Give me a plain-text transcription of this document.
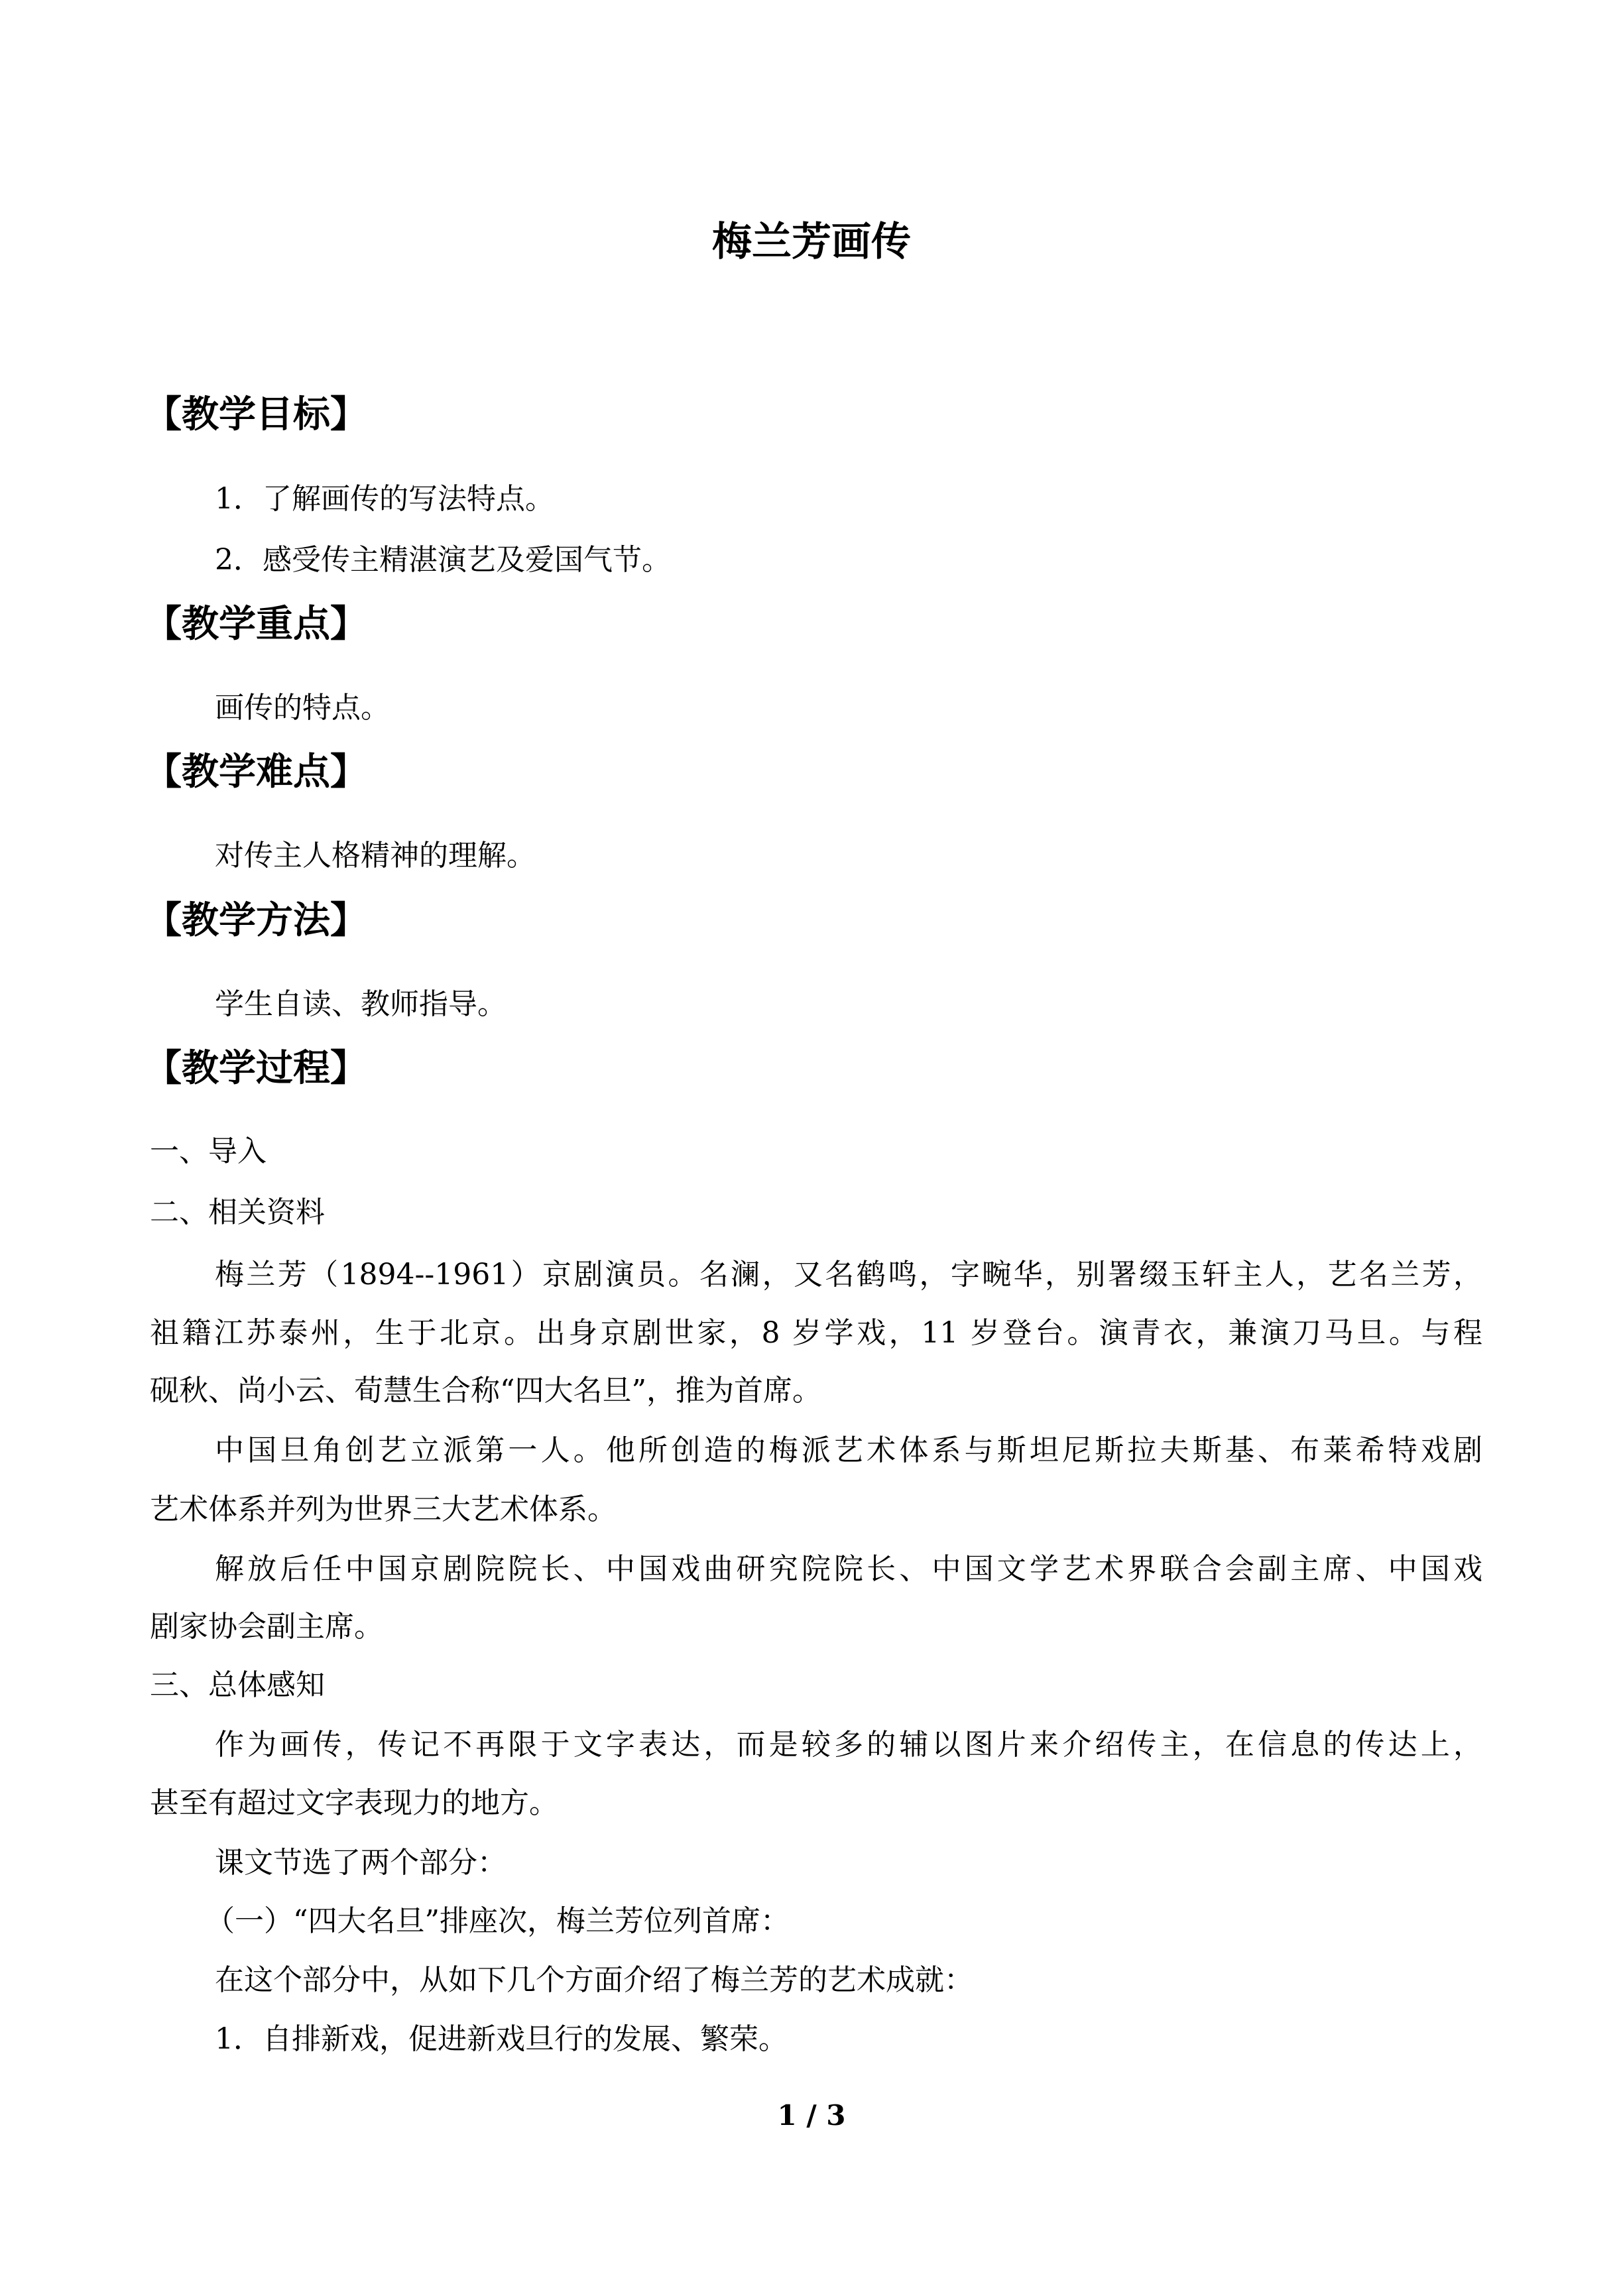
梅兰芳画传
【教学目标】

1．了解画传的写法特点。

2．感受传主精湛演艺及爱国气节。

【教学重点】

画传的特点。

【教学难点】

对传主人格精神的理解。

【教学方法】

学生自读、教师指导。

【教学过程】

一、导入

二、相关资料

梅兰芳（1894--1961）京剧演员。名澜，又名鹤鸣，字畹华，别署缀玉轩主人，艺名兰芳，

祖籍江苏泰州，生于北京。出身京剧世家，8 岁学戏，11 岁登台。演青衣，兼演刀马旦。与程

砚秋、尚小云、荀慧生合称“四大名旦”，推为首席。

中国旦角创艺立派第一人。他所创造的梅派艺术体系与斯坦尼斯拉夫斯基、布莱希特戏剧

艺术体系并列为世界三大艺术体系。

解放后任中国京剧院院长、中国戏曲研究院院长、中国文学艺术界联合会副主席、中国戏

剧家协会副主席。

三、总体感知

作为画传，传记不再限于文字表达，而是较多的辅以图片来介绍传主，在信息的传达上，

甚至有超过文字表现力的地方。

课文节选了两个部分：

（一）“四大名旦”排座次，梅兰芳位列首席：

在这个部分中，从如下几个方面介绍了梅兰芳的艺术成就：

1．自排新戏，促进新戏旦行的发展、繁荣。

1 / 3
